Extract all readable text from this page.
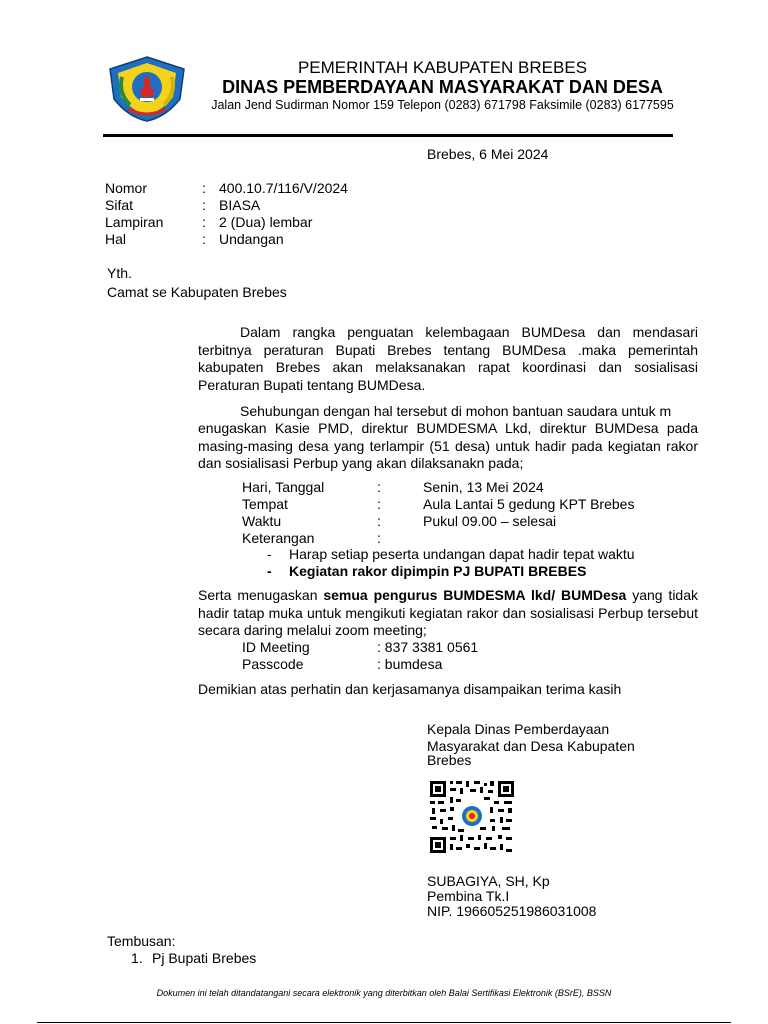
PEMERINTAH KABUPATEN BREBES
DINAS PEMBERDAYAAN MASYARAKAT DAN DESA
Jalan Jend Sudirman Nomor 159 Telepon (0283) 671798 Faksimile (0283) 6177595
Brebes, 6 Mei 2024
Nomor	: 400.10.7/116/V/2024
Sifat	: BIASA
Lampiran	: 2 (Dua) lembar
Hal	: Undangan
Yth.
Camat se Kabupaten Brebes
Dalam rangka penguatan kelembagaan BUMDesa dan mendasari terbitnya peraturan Bupati Brebes tentang BUMDesa .maka pemerintah kabupaten Brebes akan melaksanakan rapat koordinasi dan sosialisasi Peraturan Bupati tentang BUMDesa.
Sehubungan dengan hal tersebut di mohon bantuan saudara untuk m
enugaskan Kasie PMD, direktur BUMDESMA Lkd, direktur BUMDesa pada masing-masing desa yang terlampir (51 desa) untuk hadir pada kegiatan rakor dan sosialisasi Perbup yang akan dilaksanakn pada;
Hari, Tanggal	:	Senin, 13 Mei 2024
Tempat	:	Aula Lantai 5 gedung KPT Brebes
Waktu	:	Pukul 09.00 – selesai
Keterangan	:
- Harap setiap peserta undangan dapat hadir tepat waktu
- Kegiatan rakor dipimpin PJ BUPATI BREBES
Serta menugaskan semua pengurus BUMDESMA lkd/ BUMDesa yang tidak hadir tatap muka untuk mengikuti kegiatan rakor dan sosialisasi Perbup tersebut secara daring melalui zoom meeting;
ID Meeting	: 837 3381 0561
Passcode	: bumdesa
Demikian atas perhatin dan kerjasamanya disampaikan terima kasih
Kepala Dinas Pemberdayaan
Masyarakat dan Desa Kabupaten
Brebes
SUBAGIYA, SH, Kp
Pembina Tk.I
NIP. 196605251986031008
Tembusan:
1. Pj Bupati Brebes
Dokumen ini telah ditandatangani secara elektronik yang diterbitkan oleh Balai Sertifikasi Elektronik (BSrE), BSSN
